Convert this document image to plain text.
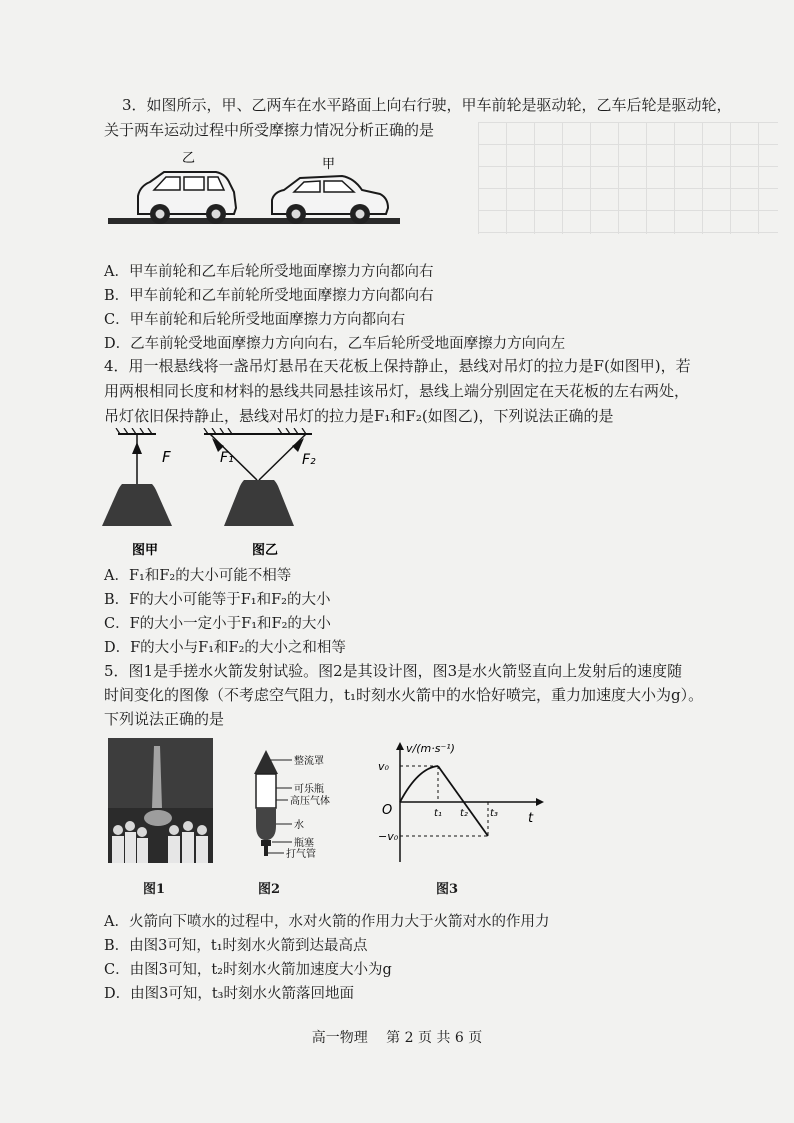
3．如图所示，甲、乙两车在水平路面上向右行驶，甲车前轮是驱动轮，乙车后轮是驱动轮，
关于两车运动过程中所受摩擦力情况分析正确的是
乙	甲
A．甲车前轮和乙车后轮所受地面摩擦力方向都向右
B．甲车前轮和乙车前轮所受地面摩擦力方向都向右
C．甲车前轮和后轮所受地面摩擦力方向都向右
D．乙车前轮受地面摩擦力方向向右，乙车后轮所受地面摩擦力方向向左
4．用一根悬线将一盏吊灯悬吊在天花板上保持静止，悬线对吊灯的拉力是F(如图甲)，若
用两根相同长度和材料的悬线共同悬挂该吊灯，悬线上端分别固定在天花板的左右两处，
吊灯依旧保持静止，悬线对吊灯的拉力是F₁和F₂(如图乙)，下列说法正确的是
F
图甲
F₁	F₂
图乙
A．F₁和F₂的大小可能不相等
B．F的大小可能等于F₁和F₂的大小
C．F的大小一定小于F₁和F₂的大小
D．F的大小与F₁和F₂的大小之和相等
5．图1是手搓水火箭发射试验。图2是其设计图，图3是水火箭竖直向上发射后的速度随
时间变化的图像（不考虑空气阻力，t₁时刻水火箭中的水恰好喷完，重力加速度大小为g）。
下列说法正确的是
整流罩
可乐瓶
高压气体
水
瓶塞
打气管
v/(m·s⁻¹)
t
O
v₀
−v₀
t₁ t₂ t₃
图1	图2	图3
A．火箭向下喷水的过程中，水对火箭的作用力大于火箭对水的作用力
B．由图3可知，t₁时刻水火箭到达最高点
C．由图3可知，t₂时刻水火箭加速度大小为g
D．由图3可知，t₃时刻水火箭落回地面
高一物理　 第 2 页 共 6 页
